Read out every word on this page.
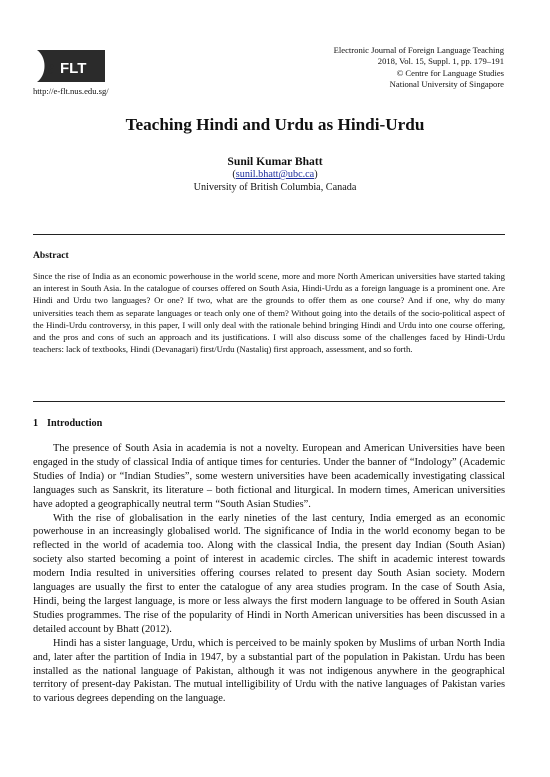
e FLT
http://e-flt.nus.edu.sg/
Electronic Journal of Foreign Language Teaching
2018, Vol. 15, Suppl. 1, pp. 179–191
© Centre for Language Studies
National University of Singapore
Teaching Hindi and Urdu as Hindi-Urdu
Sunil Kumar Bhatt
(sunil.bhatt@ubc.ca)
University of British Columbia, Canada
Abstract
Since the rise of India as an economic powerhouse in the world scene, more and more North American universities have started taking an interest in South Asia. In the catalogue of courses offered on South Asia, Hindi-Urdu as a foreign language is a prominent one. Are Hindi and Urdu two languages? Or one? If two, what are the grounds to offer them as one course? And if one, why do many universities teach them as separate languages or teach only one of them? Without going into the details of the socio-political aspect of the Hindi-Urdu controversy, in this paper, I will only deal with the rationale behind bringing Hindi and Urdu into one course offering, and the pros and cons of such an approach and its justifications. I will also discuss some of the challenges faced by Hindi-Urdu teachers: lack of textbooks, Hindi (Devanagari) first/Urdu (Nastaliq) first approach, assessment, and so forth.
1 Introduction

The presence of South Asia in academia is not a novelty. European and American Universities have been engaged in the study of classical India of antique times for centuries. Under the banner of “Indology” (Academic Studies of India) or “Indian Studies”, some western universities have been academically investigating classical languages such as Sanskrit, its literature – both fictional and liturgical. In modern times, American universities have adopted a geographically neutral term “South Asian Studies”.

With the rise of globalisation in the early nineties of the last century, India emerged as an economic powerhouse in an increasingly globalised world. The significance of India in the world economy began to be reflected in the world of academia too. Along with the classical India, the present day Indian (South Asian) society also started becoming a point of interest in academic circles. The shift in academic interest towards modern India resulted in universities offering courses related to present day South Asian society. Modern languages are usually the first to enter the catalogue of any area studies program. In the case of South Asia, Hindi, being the largest language, is more or less always the first modern language to be offered in South Asian Studies programmes. The rise of the popularity of Hindi in North American universities has been discussed in a detailed account by Bhatt (2012).

Hindi has a sister language, Urdu, which is perceived to be mainly spoken by Muslims of urban North India and, later after the partition of India in 1947, by a substantial part of the population in Pakistan. Urdu has been installed as the national language of Pakistan, although it was not indigenous anywhere in the geographical territory of present-day Pakistan. The mutual intelligibility of Urdu with the native languages of Pakistan varies to various degrees depending on the language.
